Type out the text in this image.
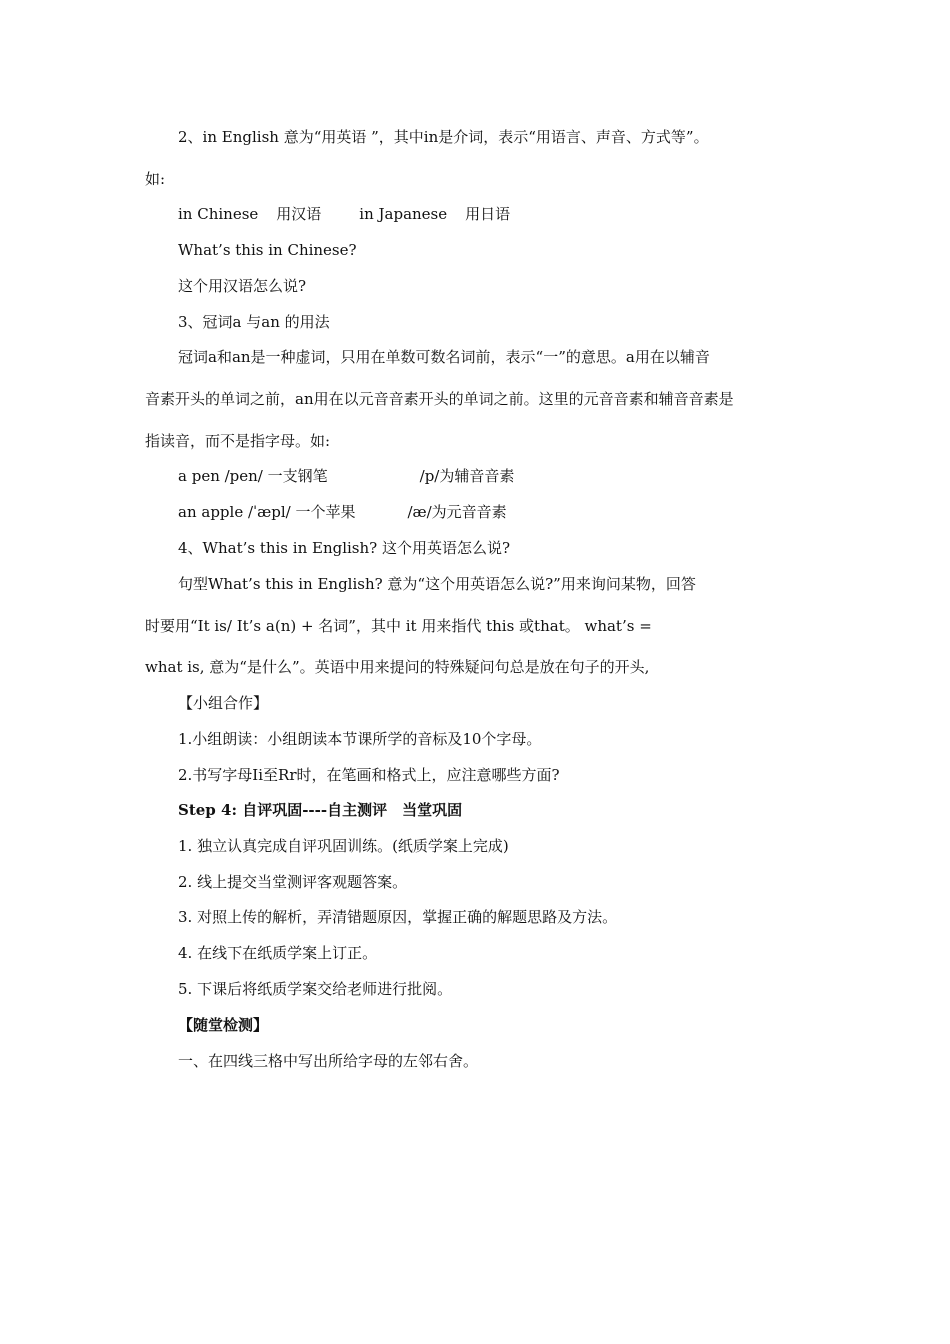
2、in English 意为“用英语 ”，其中in是介词，表示“用语言、声音、方式等”。
如:
in Chinese 用汉语	in Japanese 用日语
What’s this in Chinese?
这个用汉语怎么说?
3、冠词a 与an 的用法
冠词a和an是一种虚词，只用在单数可数名词前，表示“一”的意思。a用在以辅音
音素开头的单词之前，an用在以元音音素开头的单词之前。这里的元音音素和辅音音素是
指读音，而不是指字母。如:
a pen /pen/ 一支钢笔	/p/为辅音音素
an apple /ˈæpl/ 一个苹果	/æ/为元音音素
4、What’s this in English? 这个用英语怎么说?
句型What’s this in English? 意为“这个用英语怎么说?”用来询问某物，回答
时要用“It is/ It’s a(n) + 名词”，其中 it 用来指代 this 或that。 what’s =
what is, 意为“是什么”。英语中用来提问的特殊疑问句总是放在句子的开头,
【小组合作】
1.小组朗读：小组朗读本节课所学的音标及10个字母。
2.书写字母Ii至Rr时，在笔画和格式上，应注意哪些方面?
Step 4: 自评巩固----自主测评　当堂巩固
1. 独立认真完成自评巩固训练。(纸质学案上完成)
2. 线上提交当堂测评客观题答案。
3. 对照上传的解析，弄清错题原因，掌握正确的解题思路及方法。
4. 在线下在纸质学案上订正。
5. 下课后将纸质学案交给老师进行批阅。
【随堂检测】
一、在四线三格中写出所给字母的左邻右舍。
